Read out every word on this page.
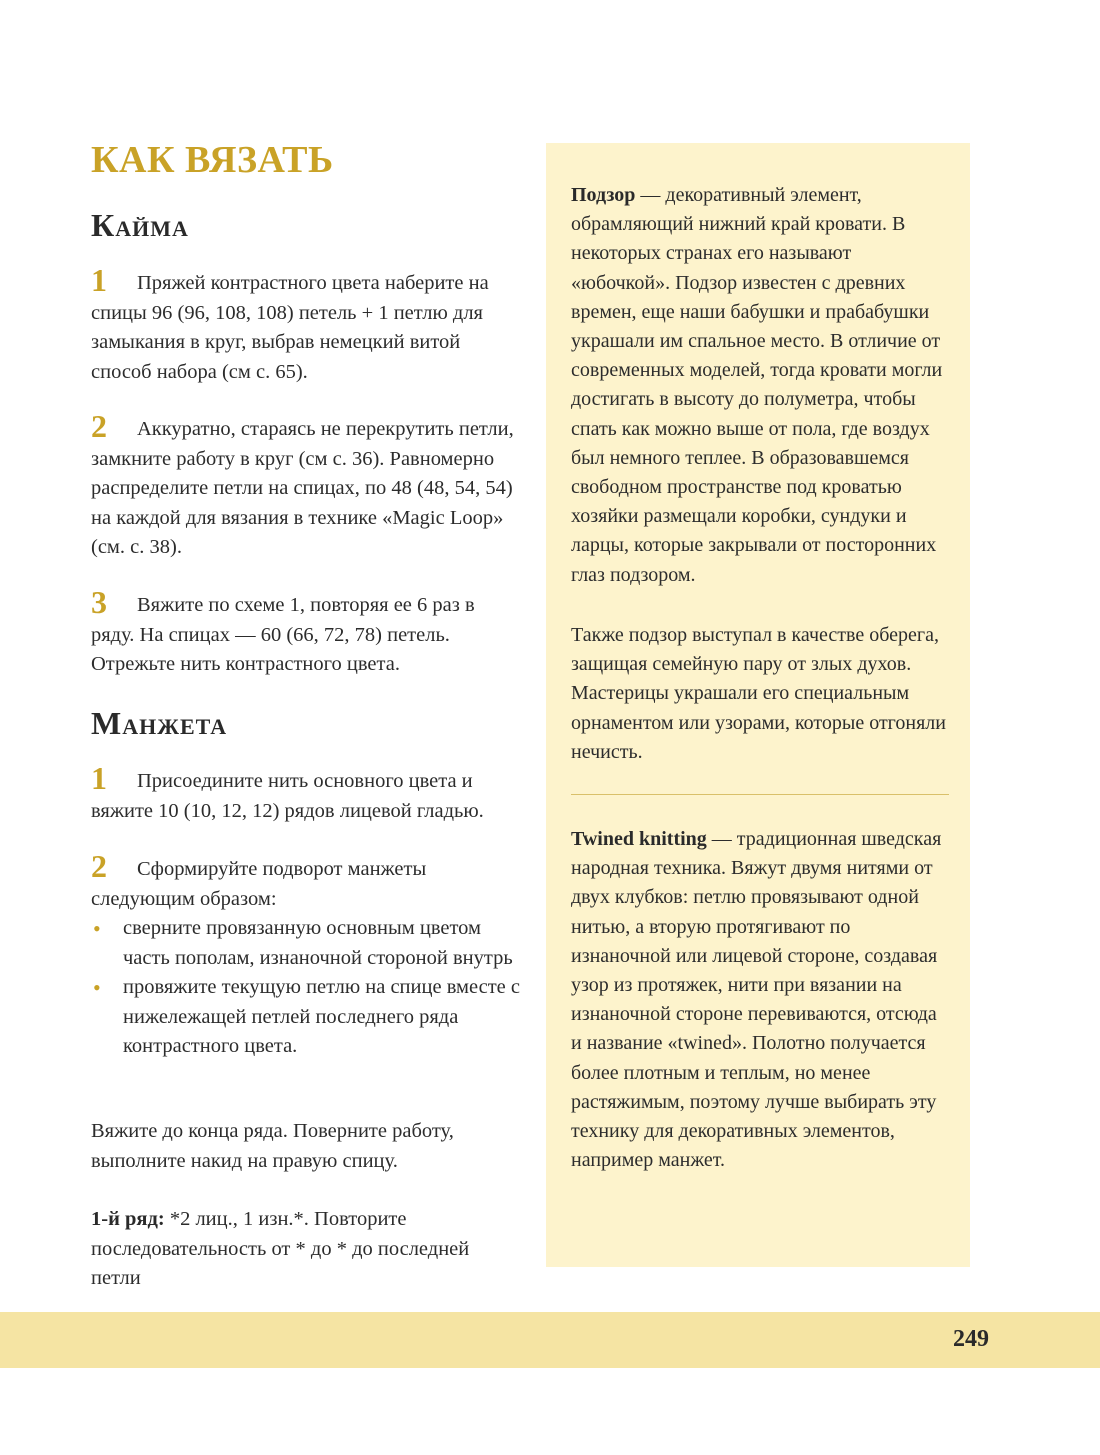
КАК ВЯЗАТЬ
Кайма
1 Пряжей контрастного цвета наберите на спицы 96 (96, 108, 108) петель + 1 петлю для замыкания в круг, выбрав немецкий витой способ набора (см с. 65).
2 Аккуратно, стараясь не перекрутить петли, замкните работу в круг (см с. 36). Равномерно распределите петли на спицах, по 48 (48, 54, 54) на каждой для вязания в технике «Magic Loop» (см. с. 38).
3 Вяжите по схеме 1, повторяя ее 6 раз в ряду. На спицах — 60 (66, 72, 78) петель. Отрежьте нить контрастного цвета.
Манжета
1 Присоедините нить основного цвета и вяжите 10 (10, 12, 12) рядов лицевой гладью.
2 Сформируйте подворот манжеты следующим образом:
• сверните провязанную основным цветом часть пополам, изнаночной стороной внутрь
• провяжите текущую петлю на спице вместе с нижележащей петлей последнего ряда контрастного цвета.

Вяжите до конца ряда. Поверните работу, выполните накид на правую спицу.

1-й ряд: *2 лиц., 1 изн.*. Повторите последовательность от * до * до последней петли

Подзор — декоративный элемент, обрамляющий нижний край кровати. В некоторых странах его называют «юбочкой». Подзор известен с древних времен, еще наши бабушки и прабабушки украшали им спальное место. В отличие от современных моделей, тогда кровати могли достигать в высоту до полуметра, чтобы спать как можно выше от пола, где воздух был немного теплее. В образовавшемся свободном пространстве под кроватью хозяйки размещали коробки, сундуки и ларцы, которые закрывали от посторонних глаз подзором.

Также подзор выступал в качестве оберега, защищая семейную пару от злых духов. Мастерицы украшали его специальным орнаментом или узорами, которые отгоняли нечисть.

Twined knitting — традиционная шведская народная техника. Вяжут двумя нитями от двух клубков: петлю провязывают одной нитью, а вторую протягивают по изнаночной или лицевой стороне, создавая узор из протяжек, нити при вязании на изнаночной стороне перевиваются, отсюда и название «twined». Полотно получается более плотным и теплым, но менее растяжимым, поэтому лучше выбирать эту технику для декоративных элементов, например манжет.

249
